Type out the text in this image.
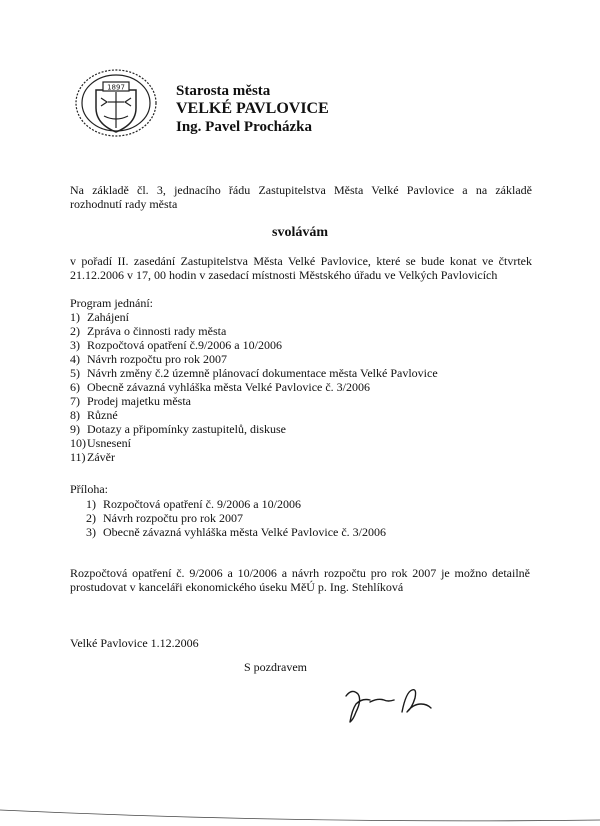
1897	Starosta města
VELKÉ PAVLOVICE
Ing. Pavel Procházka
Na základě čl. 3, jednacího řádu Zastupitelstva Města Velké Pavlovice a na základě
rozhodnutí rady města
svolávám
v pořadí II. zasedání Zastupitelstva Města Velké Pavlovice, které se bude konat ve čtvrtek
21.12.2006 v 17, 00 hodin v zasedací místnosti Městského úřadu ve Velkých Pavlovicích
Program jednání:
1) Zahájení
2) Zpráva o činnosti rady města
3) Rozpočtová opatření č.9/2006 a 10/2006
4) Návrh rozpočtu pro rok 2007
5) Návrh změny č.2 územně plánovací dokumentace města Velké Pavlovice
6) Obecně závazná vyhláška města Velké Pavlovice č. 3/2006
7) Prodej majetku města
8) Různé
9) Dotazy a připomínky zastupitelů, diskuse
10)Usnesení
11)Závěr
Příloha:
1) Rozpočtová opatření č. 9/2006 a 10/2006
2) Návrh rozpočtu pro rok 2007
3) Obecně závazná vyhláška města Velké Pavlovice č. 3/2006
Rozpočtová opatření č. 9/2006 a 10/2006 a návrh rozpočtu pro rok 2007 je možno detailně
prostudovat v kanceláři ekonomického úseku MěÚ p. Ing. Stehlíková
Velké Pavlovice 1.12.2006
S pozdravem
